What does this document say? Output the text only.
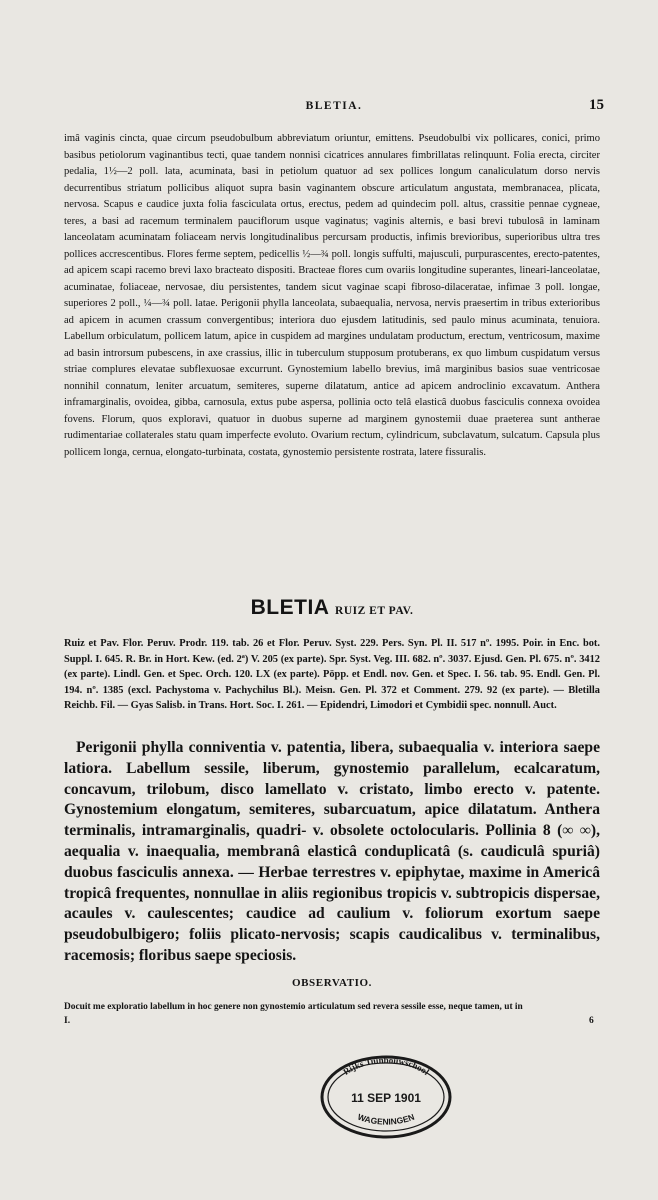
BLETIA.	15

imâ vaginis cincta, quae circum pseudobulbum abbreviatum oriuntur, emittens. Pseudobulbi vix pollicares, conici, primo basibus petiolorum vaginantibus tecti, quae tandem nonnisi cicatrices annulares fimbrillatas relinquunt. Folia erecta, circiter pedalia, 1½—2 poll. lata, acuminata, basi in petiolum quatuor ad sex pollices longum canaliculatum dorso nervis decurrentibus striatum pollicibus aliquot supra basin vaginantem obscure articulatum angustata, membranacea, plicata, nervosa. Scapus e caudice juxta folia fasciculata ortus, erectus, pedem ad quindecim poll. altus, crassitie pennae cygneae, teres, a basi ad racemum terminalem pauciflorum usque vaginatus; vaginis alternis, e basi brevi tubulosâ in laminam lanceolatam acuminatam foliaceam nervis longitudinalibus percursam productis, infimis brevioribus, superioribus ultra tres pollices accrescentibus. Flores ferme septem, pedicellis ½—¾ poll. longis suffulti, majusculi, purpurascentes, erecto-patentes, ad apicem scapi racemo brevi laxo bracteato dispositi. Bracteae flores cum ovariis longitudine superantes, lineari-lanceolatae, acuminatae, foliaceae, nervosae, diu persistentes, tandem sicut vaginae scapi fibroso-dilaceratae, infimae 3 poll. longae, superiores 2 poll., ¼—¾ poll. latae. Perigonii phylla lanceolata, subaequalia, nervosa, nervis praesertim in tribus exterioribus ad apicem in acumen crassum convergentibus; interiora duo ejusdem latitudinis, sed paulo minus acuminata, tenuiora. Labellum orbiculatum, pollicem latum, apice in cuspidem ad margines undulatam productum, erectum, ventricosum, maxime ad basin introrsum pubescens, in axe crassius, illic in tuberculum stupposum protuberans, ex quo limbum cuspidatum versus striae complures elevatae subflexuosae excurrunt. Gynostemium labello brevius, imâ marginibus basios suae ventricosae nonnihil connatum, leniter arcuatum, semiteres, superne dilatatum, antice ad apicem androclinio excavatum. Anthera inframarginalis, ovoidea, gibba, carnosula, extus pube aspersa, pollinia octo telâ elasticâ duobus fasciculis connexa ovoidea fovens. Florum, quos exploravi, quatuor in duobus superne ad marginem gynostemii duae praeterea sunt antherae rudimentariae collaterales statu quam imperfecte evoluto. Ovarium rectum, cylindricum, subclavatum, sulcatum. Capsula plus pollicem longa, cernua, elongato-turbinata, costata, gynostemio persistente rostrata, latere fissuralis.

BLETIA RUIZ ET PAV.
Ruiz et Pav. Flor. Peruv. Prodr. 119. tab. 26 et Flor. Peruv. Syst. 229. Pers. Syn. Pl. II. 517 nº. 1995. Poir. in Enc. bot. Suppl. I. 645. R. Br. in Hort. Kew. (ed. 2ª) V. 205 (ex parte). Spr. Syst. Veg. III. 682. nº. 3037. Ejusd. Gen. Pl. 675. nº. 3412 (ex parte). Lindl. Gen. et Spec. Orch. 120. LX (ex parte). Pöpp. et Endl. nov. Gen. et Spec. I. 56. tab. 95. Endl. Gen. Pl. 194. nº. 1385 (excl. Pachystoma v. Pachychilus Bl.). Meisn. Gen. Pl. 372 et Comment. 279. 92 (ex parte). — Bletilla Reichb. Fil. — Gyas Salisb. in Trans. Hort. Soc. I. 261. — Epidendri, Limodori et Cymbidii spec. nonnull. Auct.

Perigonii phylla conniventia v. patentia, libera, subaequalia v. interiora saepe latiora. Labellum sessile, liberum, gynostemio parallelum, ecalcaratum, concavum, trilobum, disco lamellato v. cristato, limbo erecto v. patente. Gynostemium elongatum, semiteres, subarcuatum, apice dilatatum. Anthera terminalis, intramarginalis, quadri- v. obsolete octolocularis. Pollinia 8 (∞ ∞), aequalia v. inaequalia, membranâ elasticâ conduplicatâ (s. caudiculâ spuriâ) duobus fasciculis annexa. — Herbae terrestres v. epiphytae, maxime in Americâ tropicâ frequentes, nonnullae in aliis regionibus tropicis v. subtropicis dispersae, acaules v. caulescentes; caudice ad caulium v. foliorum exortum saepe pseudobulbigero; foliis plicato-nervosis; scapis caudicalibus v. terminalibus, racemosis; floribus saepe speciosis.

OBSERVATIO.
Docuit me exploratio labellum in hoc genere non gynostemio articulatum sed revera sessile esse, neque tamen, ut in
I.	6
Rijks Tuinbouwschool
11 SEP 1901
WAGENINGEN
